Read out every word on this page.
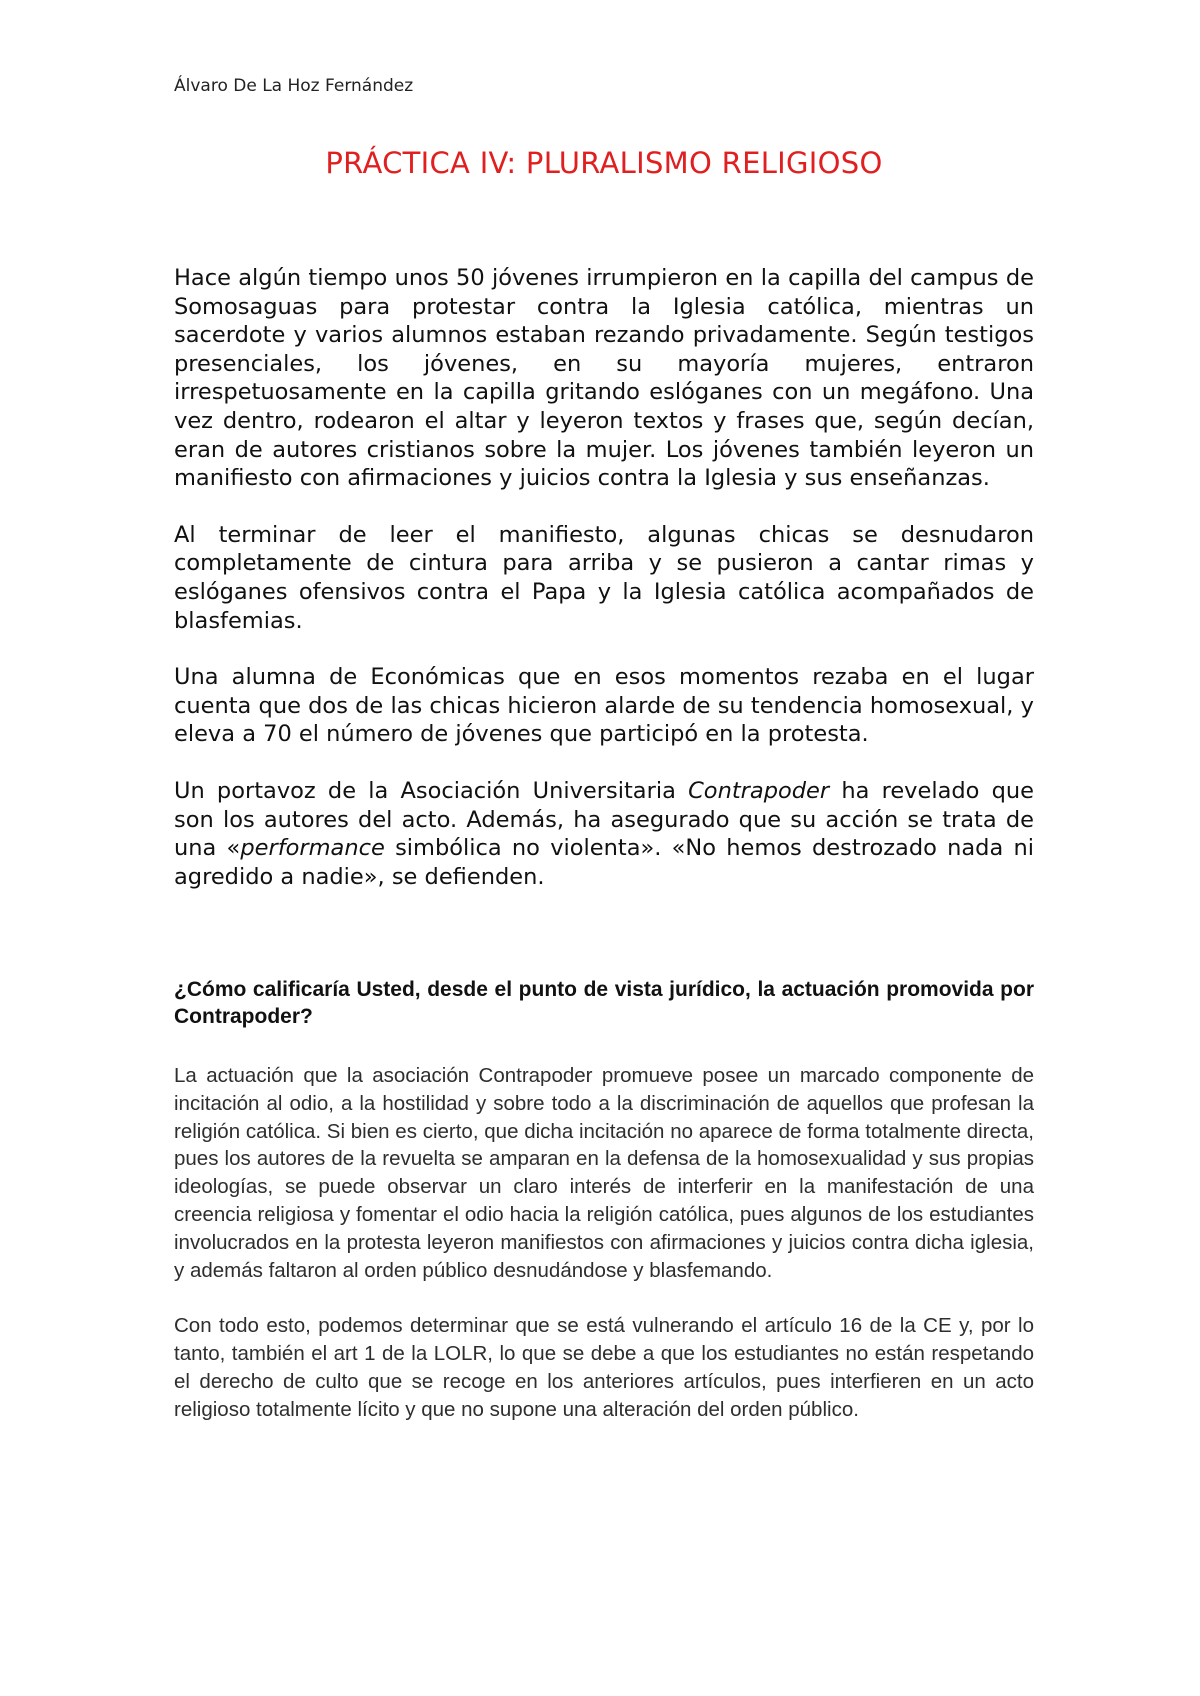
Álvaro De La Hoz Fernández
PRÁCTICA IV: PLURALISMO RELIGIOSO

Hace algún tiempo unos 50 jóvenes irrumpieron en la capilla del campus de Somosaguas para protestar contra la Iglesia católica, mientras un sacerdote y varios alumnos estaban rezando privadamente. Según testigos presenciales, los jóvenes, en su mayoría mujeres, entraron irrespetuosamente en la capilla gritando eslóganes con un megáfono. Una vez dentro, rodearon el altar y leyeron textos y frases que, según decían, eran de autores cristianos sobre la mujer. Los jóvenes también leyeron un manifiesto con afirmaciones y juicios contra la Iglesia y sus enseñanzas.

Al terminar de leer el manifiesto, algunas chicas se desnudaron completamente de cintura para arriba y se pusieron a cantar rimas y eslóganes ofensivos contra el Papa y la Iglesia católica acompañados de blasfemias.

Una alumna de Económicas que en esos momentos rezaba en el lugar cuenta que dos de las chicas hicieron alarde de su tendencia homosexual, y eleva a 70 el número de jóvenes que participó en la protesta.

Un portavoz de la Asociación Universitaria Contrapoder ha revelado que son los autores del acto. Además, ha asegurado que su acción se trata de una «performance simbólica no violenta». «No hemos destrozado nada ni agredido a nadie», se defienden.

¿Cómo calificaría Usted, desde el punto de vista jurídico, la actuación promovida por Contrapoder?

La actuación que la asociación Contrapoder promueve posee un marcado componente de incitación al odio, a la hostilidad y sobre todo a la discriminación de aquellos que profesan la religión católica. Si bien es cierto, que dicha incitación no aparece de forma totalmente directa, pues los autores de la revuelta se amparan en la defensa de la homosexualidad y sus propias ideologías, se puede observar un claro interés de interferir en la manifestación de una creencia religiosa y fomentar el odio hacia la religión católica, pues algunos de los estudiantes involucrados en la protesta leyeron manifiestos con afirmaciones y juicios contra dicha iglesia, y además faltaron al orden público desnudándose y blasfemando.

Con todo esto, podemos determinar que se está vulnerando el artículo 16 de la CE y, por lo tanto, también el art 1 de la LOLR, lo que se debe a que los estudiantes no están respetando el derecho de culto que se recoge en los anteriores artículos, pues interfieren en un acto religioso totalmente lícito y que no supone una alteración del orden público.
